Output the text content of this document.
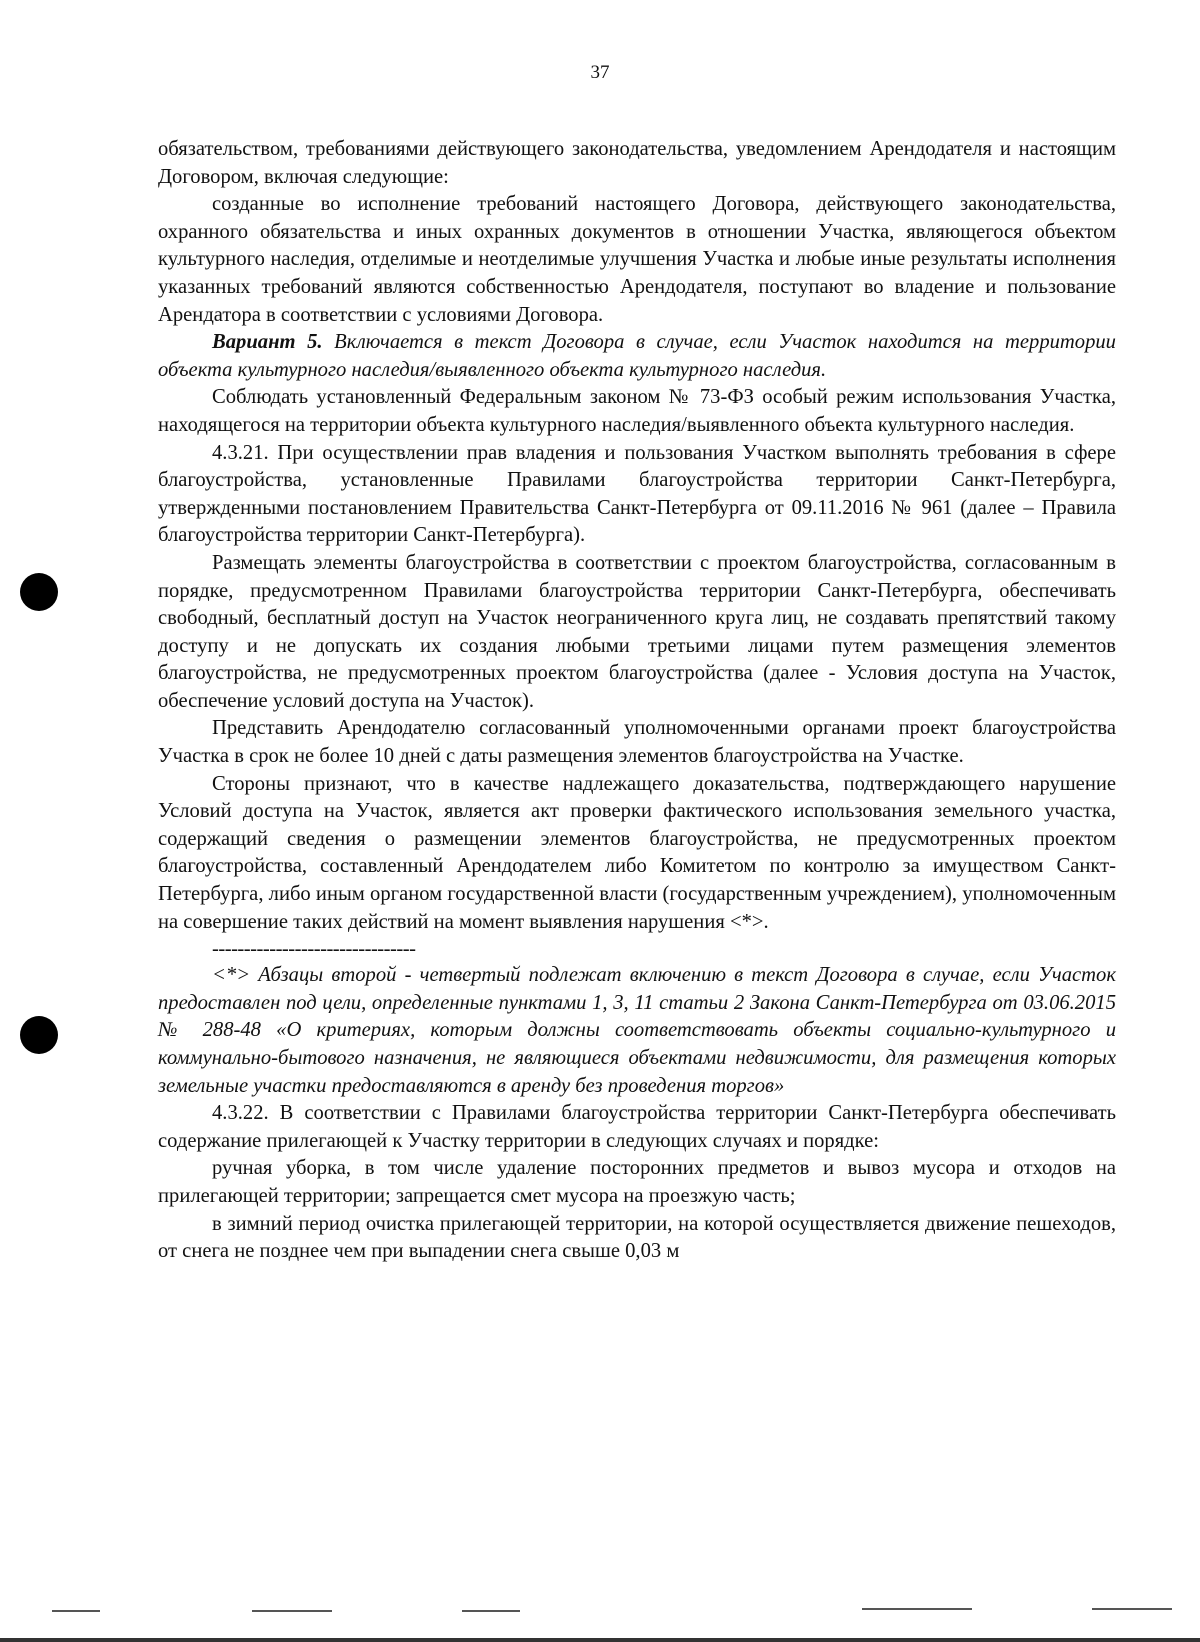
37

обязательством, требованиями действующего законодательства, уведомлением Арендодателя и настоящим Договором, включая следующие:

созданные во исполнение требований настоящего Договора, действующего законодательства, охранного обязательства и иных охранных документов в отношении Участка, являющегося объектом культурного наследия, отделимые и неотделимые улучшения Участка и любые иные результаты исполнения указанных требований являются собственностью Арендодателя, поступают во владение и пользование Арендатора в соответствии с условиями Договора.

Вариант 5. Включается в текст Договора в случае, если Участок находится на территории объекта культурного наследия/выявленного объекта культурного наследия.

Соблюдать установленный Федеральным законом № 73-ФЗ особый режим использования Участка, находящегося на территории объекта культурного наследия/выявленного объекта культурного наследия.

4.3.21. При осуществлении прав владения и пользования Участком выполнять требования в сфере благоустройства, установленные Правилами благоустройства территории Санкт-Петербурга, утвержденными постановлением Правительства Санкт-Петербурга от 09.11.2016 № 961 (далее – Правила благоустройства территории Санкт-Петербурга).

Размещать элементы благоустройства в соответствии с проектом благоустройства, согласованным в порядке, предусмотренном Правилами благоустройства территории Санкт-Петербурга, обеспечивать свободный, бесплатный доступ на Участок неограниченного круга лиц, не создавать препятствий такому доступу и не допускать их создания любыми третьими лицами путем размещения элементов благоустройства, не предусмотренных проектом благоустройства (далее - Условия доступа на Участок, обеспечение условий доступа на Участок).

Представить Арендодателю согласованный уполномоченными органами проект благоустройства Участка в срок не более 10 дней с даты размещения элементов благоустройства на Участке.

Стороны признают, что в качестве надлежащего доказательства, подтверждающего нарушение Условий доступа на Участок, является акт проверки фактического использования земельного участка, содержащий сведения о размещении элементов благоустройства, не предусмотренных проектом благоустройства, составленный Арендодателем либо Комитетом по контролю за имуществом Санкт-Петербурга, либо иным органом государственной власти (государственным учреждением), уполномоченным на совершение таких действий на момент выявления нарушения <*>.

--------------------------------

<*> Абзацы второй - четвертый подлежат включению в текст Договора в случае, если Участок предоставлен под цели, определенные пунктами 1, 3, 11 статьи 2 Закона Санкт-Петербурга от 03.06.2015 № 288-48 «О критериях, которым должны соответствовать объекты социально-культурного и коммунально-бытового назначения, не являющиеся объектами недвижимости, для размещения которых земельные участки предоставляются в аренду без проведения торгов»

4.3.22. В соответствии с Правилами благоустройства территории Санкт-Петербурга обеспечивать содержание прилегающей к Участку территории в следующих случаях и порядке:

ручная уборка, в том числе удаление посторонних предметов и вывоз мусора и отходов на прилегающей территории; запрещается смет мусора на проезжую часть;

в зимний период очистка прилегающей территории, на которой осуществляется движение пешеходов, от снега не позднее чем при выпадении снега свыше 0,03 м
